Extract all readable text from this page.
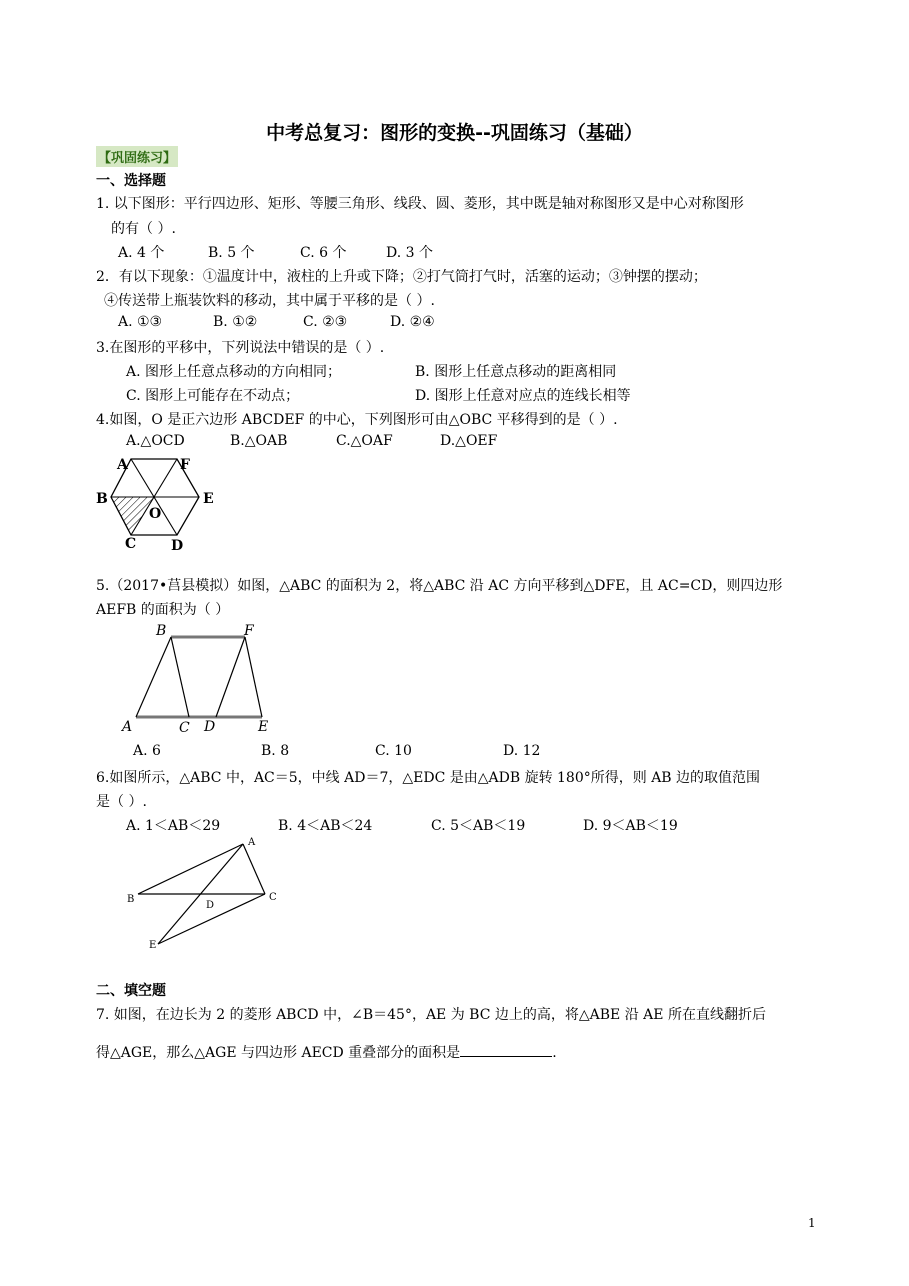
中考总复习：图形的变换--巩固练习（基础）
【巩固练习】
一、选择题
1. 以下图形：平行四边形、矩形、等腰三角形、线段、圆、菱形，其中既是轴对称图形又是中心对称图形
的有（ ）.
A. 4 个	B. 5 个	C. 6 个	D. 3 个
2．有以下现象：①温度计中，液柱的上升或下降；②打气筒打气时，活塞的运动；③钟摆的摆动；
④传送带上瓶装饮料的移动，其中属于平移的是（ ）.
A. ①③	B. ①②	C. ②③	D. ②④
3.在图形的平移中，下列说法中错误的是（ ）.
A. 图形上任意点移动的方向相同；	B. 图形上任意点移动的距离相同
C. 图形上可能存在不动点；	D. 图形上任意对应点的连线长相等
4.如图，O 是正六边形 ABCDEF 的中心，下列图形可由△OBC 平移得到的是（ ）.
A.△OCD	B.△OAB	C.△OAF	D.△OEF
A	F
B
O
E
C D
5.（2017•莒县模拟）如图，△ABC 的面积为 2，将△ABC 沿 AC 方向平移到△DFE，且 AC=CD，则四边形
AEFB 的面积为（ ）
B	F
A	C D	E
A. 6	B. 8	C. 10	D. 12
6.如图所示，△ABC 中，AC＝5，中线 AD＝7，△EDC 是由△ADB 旋转 180°所得，则 AB 边的取值范围
是（ ）.
A. 1＜AB＜29	B. 4＜AB＜24	C. 5＜AB＜19	D. 9＜AB＜19
A
B
D
C
E
二、填空题
7. 如图，在边长为 2 的菱形 ABCD 中，∠B＝45°，AE 为 BC 边上的高，将△ABE 沿 AE 所在直线翻折后
得△AGE，那么△AGE 与四边形 AECD 重叠部分的面积是	.
1
